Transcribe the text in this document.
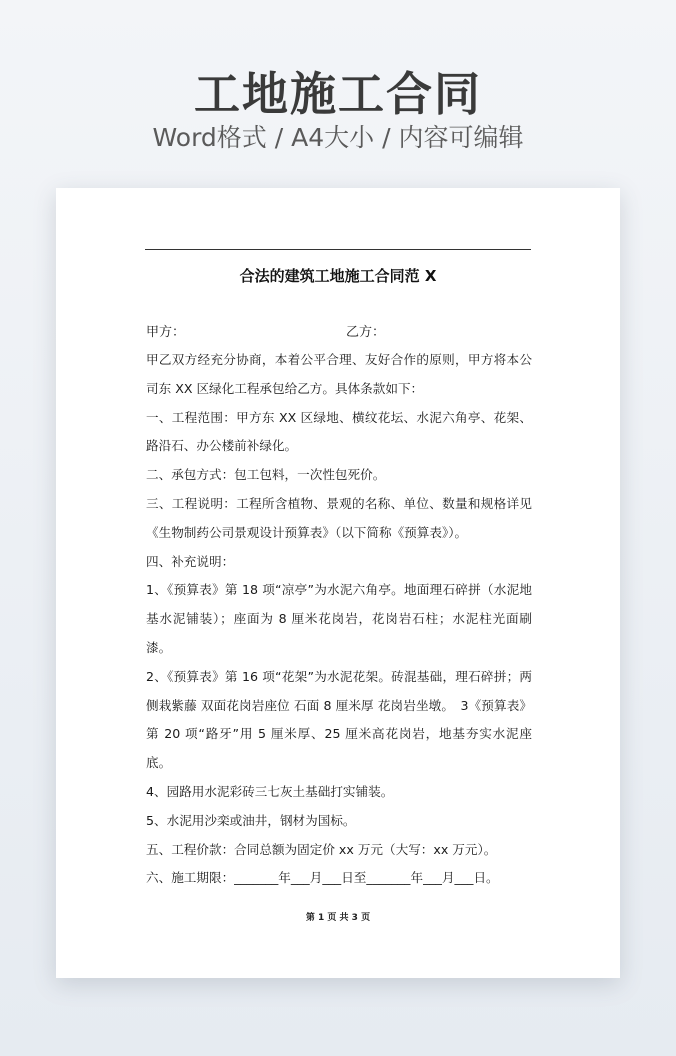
工地施工合同
Word格式 / A4大小 / 内容可编辑
合法的建筑工地施工合同范 X
甲方：	乙方：

甲乙双方经充分协商，本着公平合理、友好合作的原则，甲方将本公司东 XX 区绿化工程承包给乙方。具体条款如下：

一、工程范围：甲方东 XX 区绿地、横纹花坛、水泥六角亭、花架、路沿石、办公楼前补绿化。

二、承包方式：包工包料，一次性包死价。

三、工程说明：工程所含植物、景观的名称、单位、数量和规格详见《生物制药公司景观设计预算表》（以下简称《预算表》）。

四、补充说明：

1、《预算表》第 18 项“凉亭”为水泥六角亭。地面理石碎拼（水泥地基水泥铺装）；座面为 8 厘米花岗岩，花岗岩石柱；水泥柱光面刷漆。

2、《预算表》第 16 项“花架”为水泥花架。砖混基础，理石碎拼；两侧栽紫藤 双面花岗岩座位 石面 8 厘米厚 花岗岩坐墩。　3《预算表》第 20 项“路牙”用 5 厘米厚、25 厘米高花岗岩，地基夯实水泥座底。

4、园路用水泥彩砖三七灰土基础打实铺装。

5、水泥用沙栾或油井，钢材为国标。

五、工程价款：合同总额为固定价 xx 万元（大写：xx 万元）。

六、施工期限：_______年___月___日至_______年___月___日。

第 1 页 共 3 页
